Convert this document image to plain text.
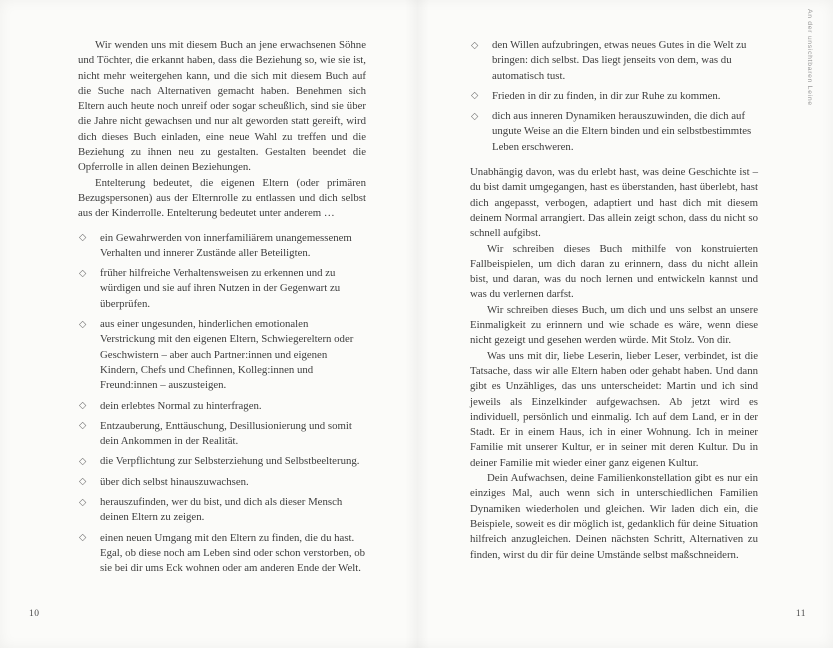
Wir wenden uns mit diesem Buch an jene erwachsenen Söhne und Töchter, die erkannt haben, dass die Beziehung so, wie sie ist, nicht mehr weitergehen kann, und die sich mit diesem Buch auf die Suche nach Alternativen gemacht haben. Benehmen sich Eltern auch heute noch unreif oder sogar scheußlich, sind sie über die Jahre nicht gewachsen und nur alt geworden statt gereift, wird dich dieses Buch einladen, eine neue Wahl zu treffen und die Beziehung zu ihnen neu zu gestalten. Gestalten beendet die Opferrolle in allen deinen Beziehungen.

Entelterung bedeutet, die eigenen Eltern (oder primären Bezugspersonen) aus der Elternrolle zu entlassen und dich selbst aus der Kinderrolle. Entelterung bedeutet unter anderem …

◇ ein Gewahrwerden von innerfamiliärem unangemessenem Verhalten und innerer Zustände aller Beteiligten.
◇ früher hilfreiche Verhaltensweisen zu erkennen und zu würdigen und sie auf ihren Nutzen in der Gegenwart zu überprüfen.
◇ aus einer ungesunden, hinderlichen emotionalen Verstrickung mit den eigenen Eltern, Schwiegereltern oder Geschwistern – aber auch Partner:innen und eigenen Kindern, Chefs und Chefinnen, Kolleg:innen und Freund:innen – auszusteigen.
◇ dein erlebtes Normal zu hinterfragen.
◇ Entzauberung, Enttäuschung, Desillusionierung und somit dein Ankommen in der Realität.
◇ die Verpflichtung zur Selbsterziehung und Selbstbeelterung.
◇ über dich selbst hinauszuwachsen.
◇ herauszufinden, wer du bist, und dich als dieser Mensch deinen Eltern zu zeigen.
◇ einen neuen Umgang mit den Eltern zu finden, die du hast. Egal, ob diese noch am Leben sind oder schon verstorben, ob sie bei dir ums Eck wohnen oder am anderen Ende der Welt.
10
◇ den Willen aufzubringen, etwas neues Gutes in die Welt zu bringen: dich selbst. Das liegt jenseits von dem, was du automatisch tust.
◇ Frieden in dir zu finden, in dir zur Ruhe zu kommen.
◇ dich aus inneren Dynamiken herauszuwinden, die dich auf ungute Weise an die Eltern binden und ein selbstbestimmtes Leben erschweren.

Unabhängig davon, was du erlebt hast, was deine Geschichte ist – du bist damit umgegangen, hast es überstanden, hast überlebt, hast dich angepasst, verbogen, adaptiert und hast dich mit diesem deinem Normal arrangiert. Das allein zeigt schon, dass du nicht so schnell aufgibst.

Wir schreiben dieses Buch mithilfe von konstruierten Fallbeispielen, um dich daran zu erinnern, dass du nicht allein bist, und daran, was du noch lernen und entwickeln kannst und was du verlernen darfst.

Wir schreiben dieses Buch, um dich und uns selbst an unsere Einmaligkeit zu erinnern und wie schade es wäre, wenn diese nicht gezeigt und gesehen werden würde. Mit Stolz. Von dir.

Was uns mit dir, liebe Leserin, lieber Leser, verbindet, ist die Tatsache, dass wir alle Eltern haben oder gehabt haben. Und dann gibt es Unzähliges, das uns unterscheidet: Martin und ich sind jeweils als Einzelkinder aufgewachsen. Ab jetzt wird es individuell, persönlich und einmalig. Ich auf dem Land, er in der Stadt. Er in einem Haus, ich in einer Wohnung. Ich in meiner Familie mit unserer Kultur, er in seiner mit deren Kultur. Du in deiner Familie mit wieder einer ganz eigenen Kultur.

Dein Aufwachsen, deine Familienkonstellation gibt es nur ein einziges Mal, auch wenn sich in unterschiedlichen Familien Dynamiken wiederholen und gleichen. Wir laden dich ein, die Beispiele, soweit es dir möglich ist, gedanklich für deine Situation hilfreich anzugleichen. Deinen nächsten Schritt, Alternativen zu finden, wirst du dir für deine Umstände selbst maßschneidern.

An der unsichtbaren Leine
11
